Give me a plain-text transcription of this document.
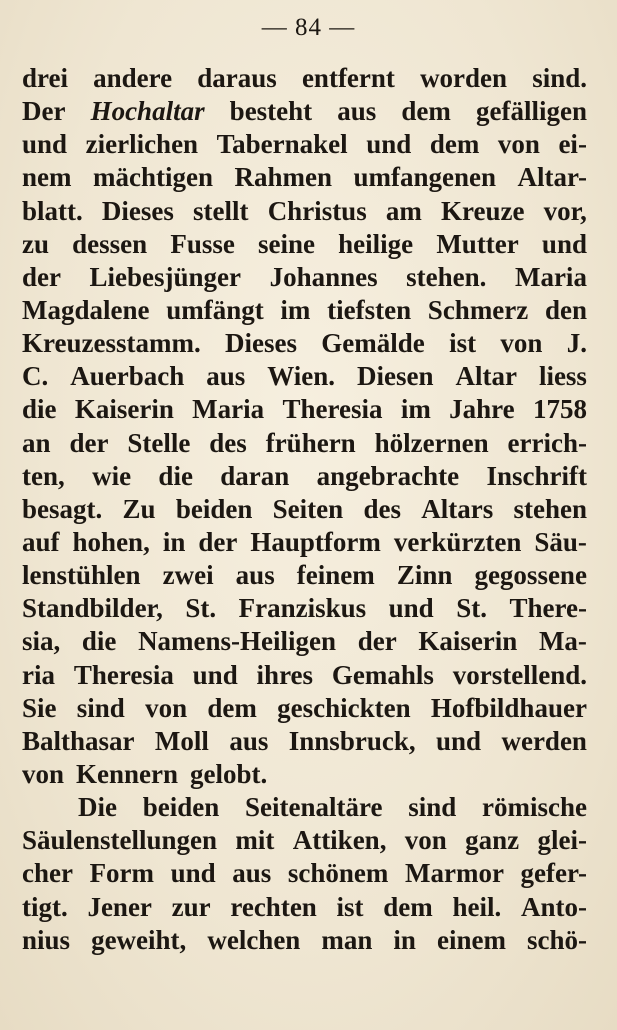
— 84 —
drei andere daraus entfernt worden sind.
Der Hochaltar besteht aus dem gefälligen
und zierlichen Tabernakel und dem von ei-
nem mächtigen Rahmen umfangenen Altar-
blatt. Dieses stellt Christus am Kreuze vor,
zu dessen Fusse seine heilige Mutter und
der Liebesjünger Johannes stehen. Maria
Magdalene umfängt im tiefsten Schmerz den
Kreuzesstamm. Dieses Gemälde ist von J.
C. Auerbach aus Wien. Diesen Altar liess
die Kaiserin Maria Theresia im Jahre 1758
an der Stelle des frühern hölzernen errich-
ten, wie die daran angebrachte Inschrift
besagt. Zu beiden Seiten des Altars stehen
auf hohen, in der Hauptform verkürzten Säu-
lenstühlen zwei aus feinem Zinn gegossene
Standbilder, St. Franziskus und St. There-
sia, die Namens-Heiligen der Kaiserin Ma-
ria Theresia und ihres Gemahls vorstellend.
Sie sind von dem geschickten Hofbildhauer
Balthasar Moll aus Innsbruck, und werden
von Kennern gelobt.
Die beiden Seitenaltäre sind römische
Säulenstellungen mit Attiken, von ganz glei-
cher Form und aus schönem Marmor gefer-
tigt. Jener zur rechten ist dem heil. Anto-
nius geweiht, welchen man in einem schö-
